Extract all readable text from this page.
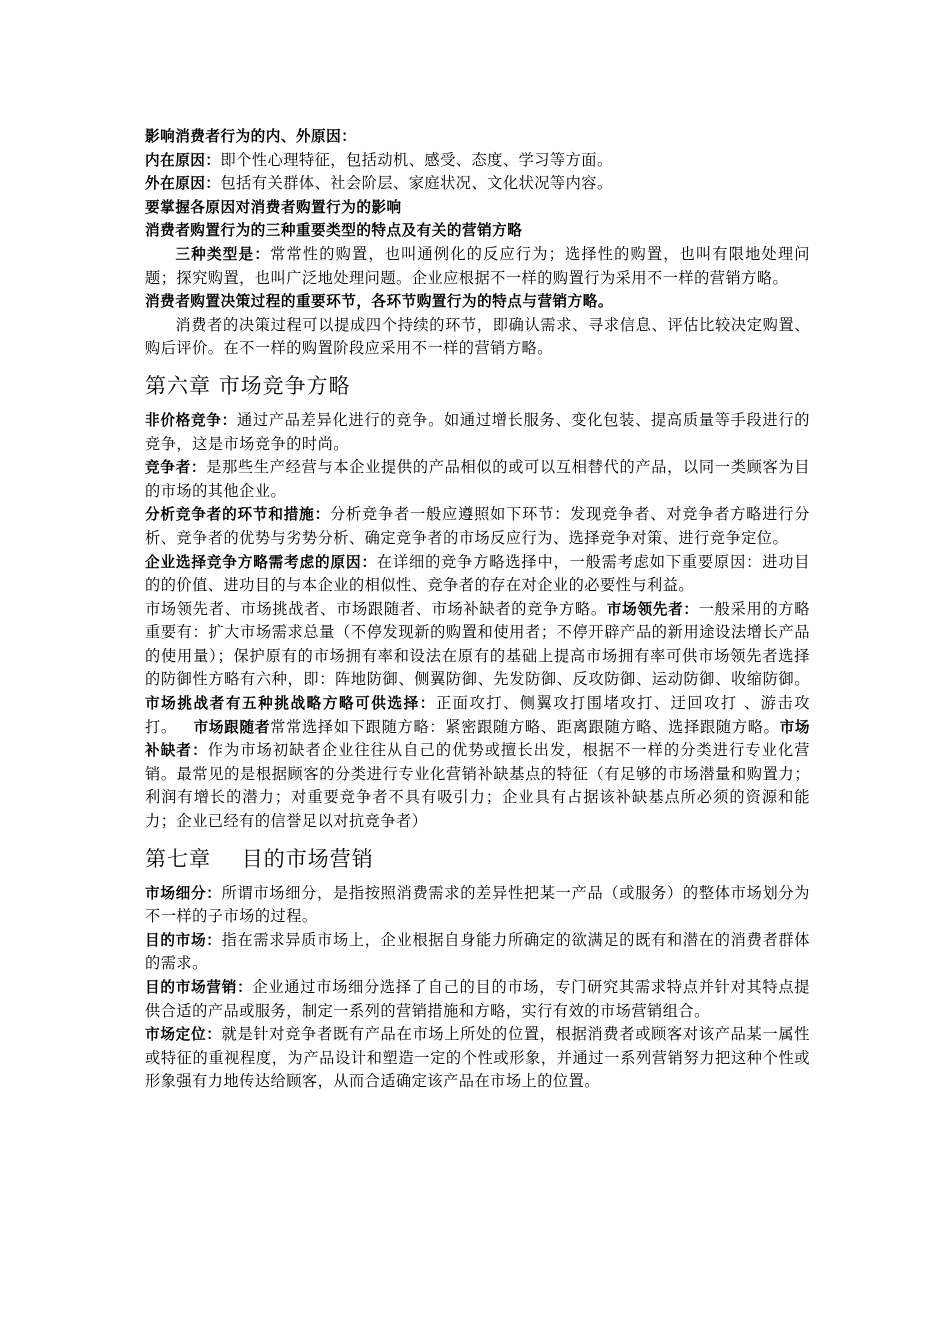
影响消费者行为的内、外原因：

内在原因：即个性心理特征，包括动机、感受、态度、学习等方面。

外在原因：包括有关群体、社会阶层、家庭状况、文化状况等内容。

要掌握各原因对消费者购置行为的影响

消费者购置行为的三种重要类型的特点及有关的营销方略

三种类型是：常常性的购置，也叫通例化的反应行为；选择性的购置，也叫有限地处理问题；探究购置，也叫广泛地处理问题。企业应根据不一样的购置行为采用不一样的营销方略。

消费者购置决策过程的重要环节，各环节购置行为的特点与营销方略。

消费者的决策过程可以提成四个持续的环节，即确认需求、寻求信息、评估比较决定购置、购后评价。在不一样的购置阶段应采用不一样的营销方略。

第六章 市场竞争方略

非价格竞争：通过产品差异化进行的竞争。如通过增长服务、变化包装、提高质量等手段进行的竞争，这是市场竞争的时尚。

竞争者：是那些生产经营与本企业提供的产品相似的或可以互相替代的产品，以同一类顾客为目的市场的其他企业。

分析竞争者的环节和措施：分析竞争者一般应遵照如下环节：发现竞争者、对竞争者方略进行分析、竞争者的优势与劣势分析、确定竞争者的市场反应行为、选择竞争对策、进行竞争定位。

企业选择竞争方略需考虑的原因：在详细的竞争方略选择中，一般需考虑如下重要原因：进功目的的价值、进功目的与本企业的相似性、竞争者的存在对企业的必要性与利益。

市场领先者、市场挑战者、市场跟随者、市场补缺者的竞争方略。市场领先者：一般采用的方略重要有：扩大市场需求总量（不停发现新的购置和使用者；不停开辟产品的新用途设法增长产品的使用量）；保护原有的市场拥有率和设法在原有的基础上提高市场拥有率可供市场领先者选择的防御性方略有六种，即：阵地防御、侧翼防御、先发防御、反攻防御、运动防御、收缩防御。市场挑战者有五种挑战略方略可供选择：正面攻打、侧翼攻打围堵攻打、迂回攻打 、游击攻打。 市场跟随者常常选择如下跟随方略：紧密跟随方略、距离跟随方略、选择跟随方略。市场补缺者：作为市场初缺者企业往往从自己的优势或擅长出发，根据不一样的分类进行专业化营销。最常见的是根据顾客的分类进行专业化营销补缺基点的特征（有足够的市场潜量和购置力；利润有增长的潜力；对重要竞争者不具有吸引力；企业具有占据该补缺基点所必须的资源和能力；企业已经有的信誉足以对抗竞争者）

第七章    目的市场营销

市场细分：所谓市场细分，是指按照消费需求的差异性把某一产品（或服务）的整体市场划分为不一样的子市场的过程。

目的市场：指在需求异质市场上，企业根据自身能力所确定的欲满足的既有和潜在的消费者群体的需求。

目的市场营销：企业通过市场细分选择了自己的目的市场，专门研究其需求特点并针对其特点提供合适的产品或服务，制定一系列的营销措施和方略，实行有效的市场营销组合。

市场定位：就是针对竞争者既有产品在市场上所处的位置，根据消费者或顾客对该产品某一属性或特征的重视程度，为产品设计和塑造一定的个性或形象，并通过一系列营销努力把这种个性或形象强有力地传达给顾客，从而合适确定该产品在市场上的位置。
